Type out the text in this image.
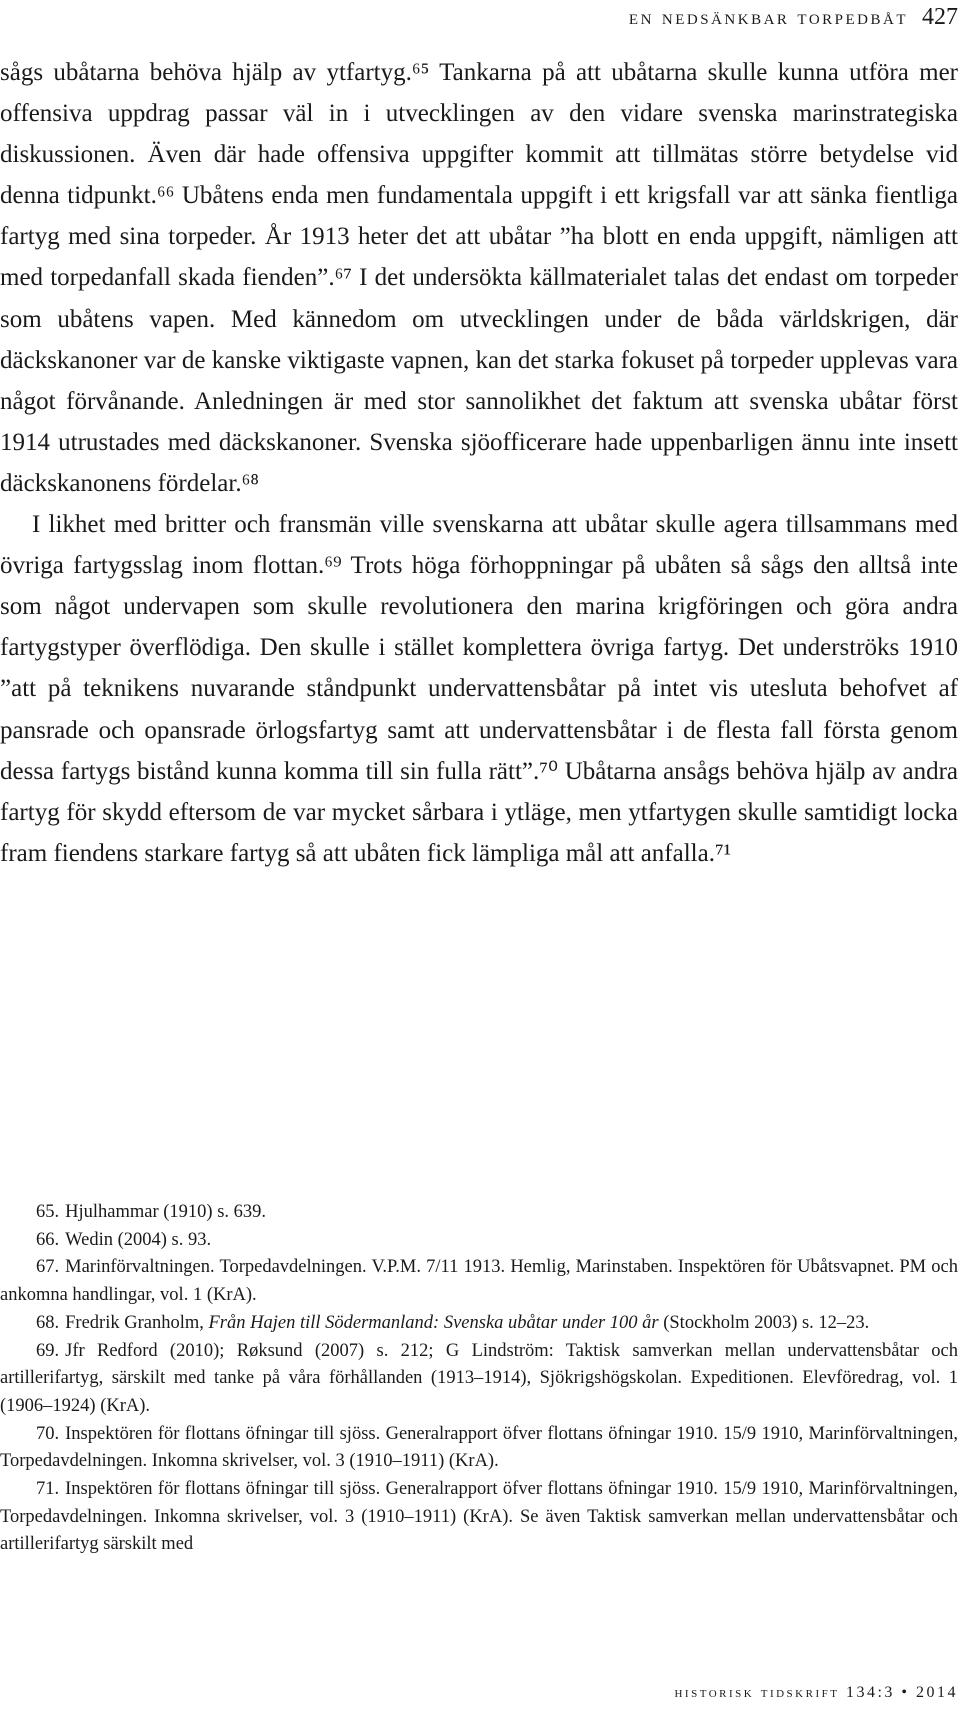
en nedsänkbar torpedbåt 427

sågs ubåtarna behöva hjälp av ytfartyg.⁶⁵ Tankarna på att ubåtarna skulle kunna utföra mer offensiva uppdrag passar väl in i utvecklingen av den vidare svenska marinstrategiska diskussionen. Även där hade offensiva uppgifter kommit att tillmätas större betydelse vid denna tidpunkt.⁶⁶ Ubåtens enda men fundamentala uppgift i ett krigsfall var att sänka fientliga fartyg med sina torpeder. År 1913 heter det att ubåtar ”ha blott en enda uppgift, nämligen att med torpedanfall skada fienden”.⁶⁷ I det undersökta källmaterialet talas det endast om torpeder som ubåtens vapen. Med kännedom om utvecklingen under de båda världskrigen, där däckskanoner var de kanske viktigaste vapnen, kan det starka fokuset på torpeder upplevas vara något förvånande. Anledningen är med stor sannolikhet det faktum att svenska ubåtar först 1914 utrustades med däckskanoner. Svenska sjöofficerare hade uppenbarligen ännu inte insett däckskanonens fördelar.⁶⁸

I likhet med britter och fransmän ville svenskarna att ubåtar skulle agera tillsammans med övriga fartygsslag inom flottan.⁶⁹ Trots höga förhoppningar på ubåten så sågs den alltså inte som något undervapen som skulle revolutionera den marina krigföringen och göra andra fartygstyper överflödiga. Den skulle i stället komplettera övriga fartyg. Det underströks 1910 ”att på teknikens nuvarande ståndpunkt undervattensbåtar på intet vis utesluta behofvet af pansrade och opansrade örlogsfartyg samt att undervattensbåtar i de flesta fall första genom dessa fartygs bistånd kunna komma till sin fulla rätt”.⁷⁰ Ubåtarna ansågs behöva hjälp av andra fartyg för skydd eftersom de var mycket sårbara i ytläge, men ytfartygen skulle samtidigt locka fram fiendens starkare fartyg så att ubåten fick lämpliga mål att anfalla.⁷¹

65. Hjulhammar (1910) s. 639.

66. Wedin (2004) s. 93.

67. Marinförvaltningen. Torpedavdelningen. V.P.M. 7/11 1913. Hemlig, Marinstaben. Inspektören för Ubåtsvapnet. PM och ankomna handlingar, vol. 1 (KrA).

68. Fredrik Granholm, Från Hajen till Södermanland: Svenska ubåtar under 100 år (Stockholm 2003) s. 12–23.

69. Jfr Redford (2010); Røksund (2007) s. 212; G Lindström: Taktisk samverkan mellan undervattensbåtar och artillerifartyg, särskilt med tanke på våra förhållanden (1913–1914), Sjökrigshögskolan. Expeditionen. Elevföredrag, vol. 1 (1906–1924) (KrA).

70. Inspektören för flottans öfningar till sjöss. Generalrapport öfver flottans öfningar 1910. 15/9 1910, Marinförvaltningen, Torpedavdelningen. Inkomna skrivelser, vol. 3 (1910–1911) (KrA).

71. Inspektören för flottans öfningar till sjöss. Generalrapport öfver flottans öfningar 1910. 15/9 1910, Marinförvaltningen, Torpedavdelningen. Inkomna skrivelser, vol. 3 (1910–1911) (KrA). Se även Taktisk samverkan mellan undervattensbåtar och artillerifartyg särskilt med

historisk tidskrift 134:3 • 2014
